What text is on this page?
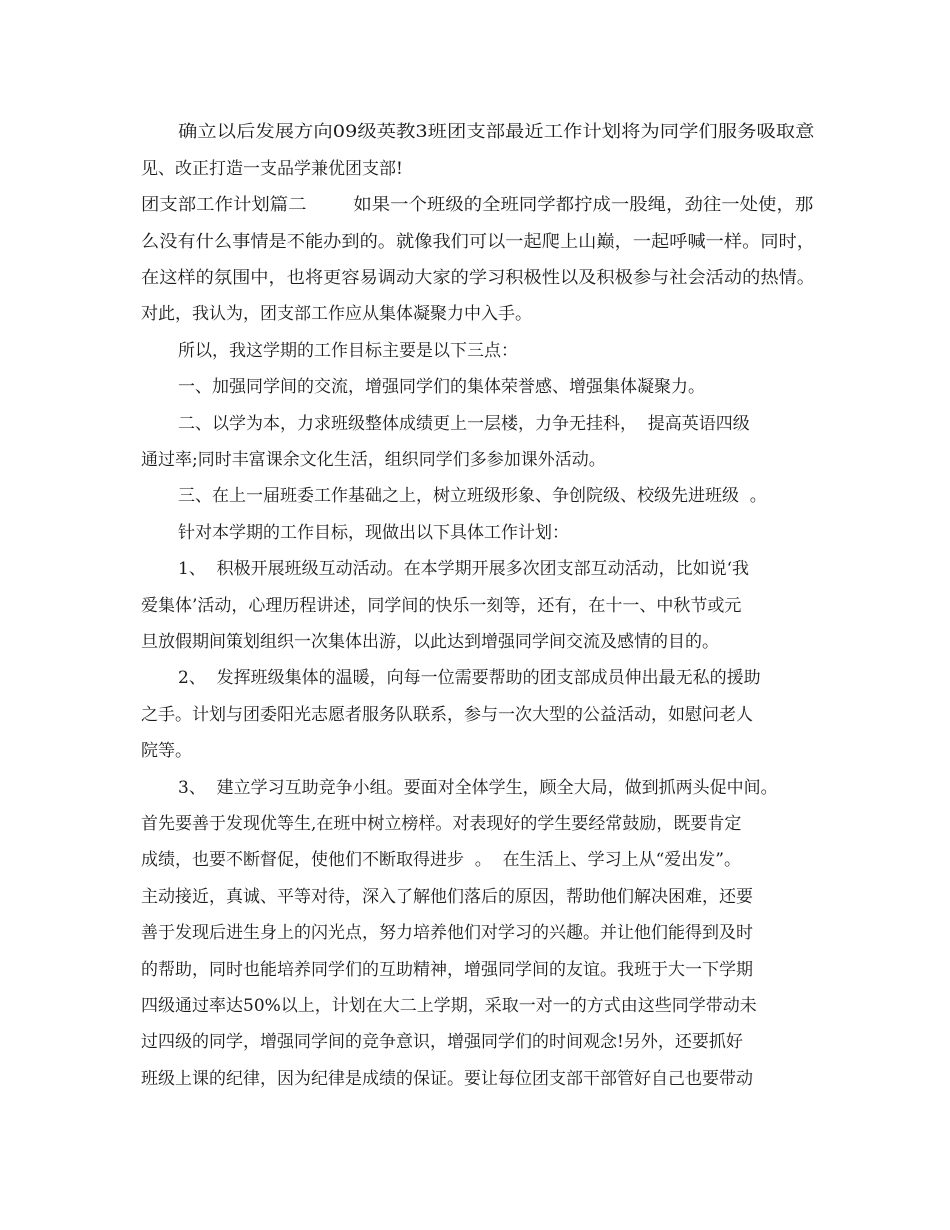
确立以后发展方向09级英教3班团支部最近工作计划将为同学们服务吸取意
见、改正打造一支品学兼优团支部!
团支部工作计划篇二        如果一个班级的全班同学都拧成一股绳，劲往一处使，那
么没有什么事情是不能办到的。就像我们可以一起爬上山巅，一起呼喊一样。同时，
在这样的氛围中，也将更容易调动大家的学习积极性以及积极参与社会活动的热情。
对此，我认为，团支部工作应从集体凝聚力中入手。
所以，我这学期的工作目标主要是以下三点：
一、加强同学间的交流，增强同学们的集体荣誉感、增强集体凝聚力。
二、以学为本，力求班级整体成绩更上一层楼，力争无挂科，  提高英语四级
通过率;同时丰富课余文化生活，组织同学们多参加课外活动。
三、在上一届班委工作基础之上，树立班级形象、争创院级、校级先进班级  。
针对本学期的工作目标，现做出以下具体工作计划：
1、  积极开展班级互动活动。在本学期开展多次团支部互动活动，比如说‘我
爱集体’活动，心理历程讲述，同学间的快乐一刻等，还有，在十一、中秋节或元
旦放假期间策划组织一次集体出游，以此达到增强同学间交流及感情的目的。
2、  发挥班级集体的温暖，向每一位需要帮助的团支部成员伸出最无私的援助
之手。计划与团委阳光志愿者服务队联系，参与一次大型的公益活动，如慰问老人
院等。
3、  建立学习互助竞争小组。要面对全体学生，顾全大局，做到抓两头促中间。
首先要善于发现优等生,在班中树立榜样。对表现好的学生要经常鼓励，既要肯定
成绩，也要不断督促，使他们不断取得进步  。  在生活上、学习上从“爱出发”。
主动接近，真诚、平等对待，深入了解他们落后的原因，帮助他们解决困难，还要
善于发现后进生身上的闪光点，努力培养他们对学习的兴趣。并让他们能得到及时
的帮助，同时也能培养同学们的互助精神，增强同学间的友谊。我班于大一下学期
四级通过率达50%以上，计划在大二上学期，采取一对一的方式由这些同学带动未
过四级的同学，增强同学间的竞争意识，增强同学们的时间观念!另外，还要抓好
班级上课的纪律，因为纪律是成绩的保证。要让每位团支部干部管好自己也要带动
